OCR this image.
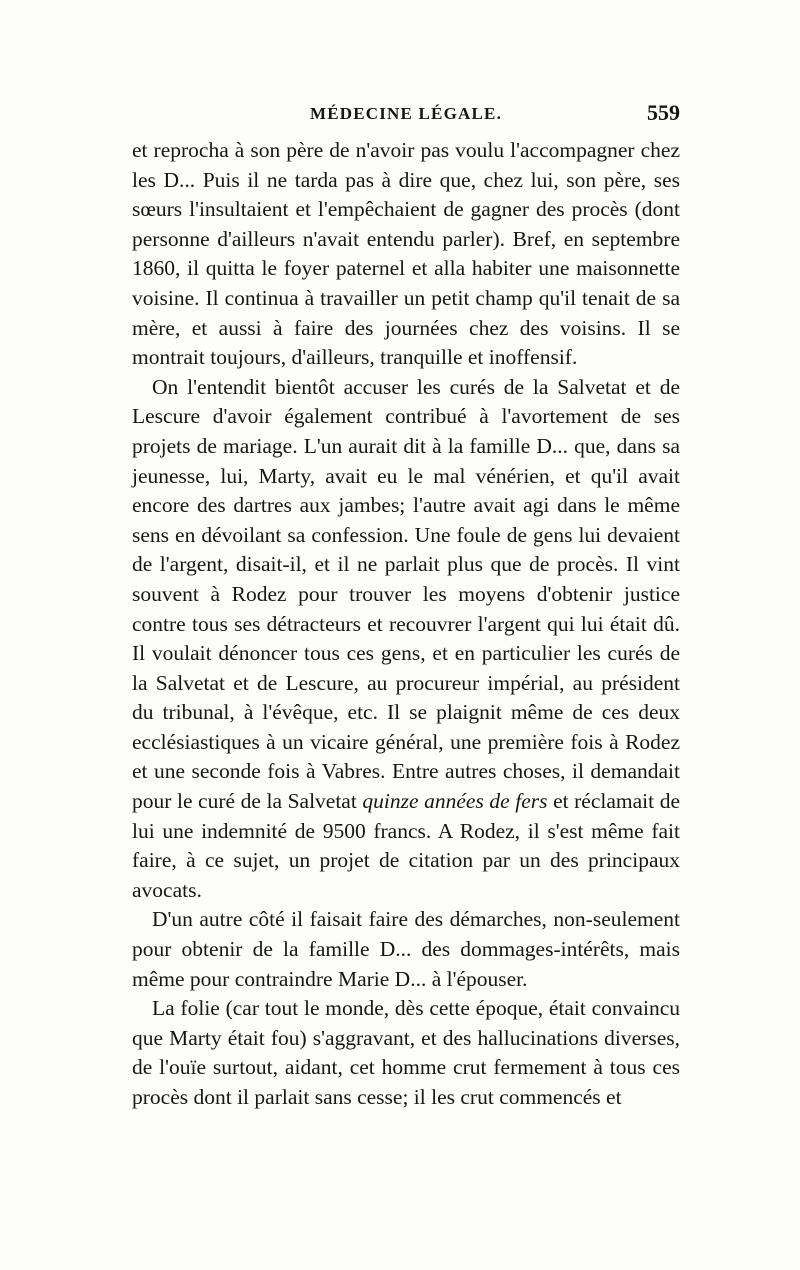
MÉDECINE LÉGALE.	559

et reprocha à son père de n'avoir pas voulu l'accompagner chez les D... Puis il ne tarda pas à dire que, chez lui, son père, ses sœurs l'insultaient et l'empêchaient de gagner des procès (dont personne d'ailleurs n'avait entendu parler). Bref, en septembre 1860, il quitta le foyer paternel et alla habiter une maisonnette voisine. Il continua à travailler un petit champ qu'il tenait de sa mère, et aussi à faire des journées chez des voisins. Il se montrait toujours, d'ailleurs, tranquille et inoffensif.

On l'entendit bientôt accuser les curés de la Salvetat et de Lescure d'avoir également contribué à l'avortement de ses projets de mariage. L'un aurait dit à la famille D... que, dans sa jeunesse, lui, Marty, avait eu le mal vénérien, et qu'il avait encore des dartres aux jambes; l'autre avait agi dans le même sens en dévoilant sa confession. Une foule de gens lui devaient de l'argent, disait-il, et il ne parlait plus que de procès. Il vint souvent à Rodez pour trouver les moyens d'obtenir justice contre tous ses détracteurs et recouvrer l'argent qui lui était dû. Il voulait dénoncer tous ces gens, et en particulier les curés de la Salvetat et de Lescure, au procureur impérial, au président du tribunal, à l'évêque, etc. Il se plaignit même de ces deux ecclésiastiques à un vicaire général, une première fois à Rodez et une seconde fois à Vabres. Entre autres choses, il demandait pour le curé de la Salvetat quinze années de fers et réclamait de lui une indemnité de 9500 francs. A Rodez, il s'est même fait faire, à ce sujet, un projet de citation par un des principaux avocats.

D'un autre côté il faisait faire des démarches, non-seulement pour obtenir de la famille D... des dommages-intérêts, mais même pour contraindre Marie D... à l'épouser.

La folie (car tout le monde, dès cette époque, était convaincu que Marty était fou) s'aggravant, et des hallucinations diverses, de l'ouïe surtout, aidant, cet homme crut fermement à tous ces procès dont il parlait sans cesse; il les crut commencés et
